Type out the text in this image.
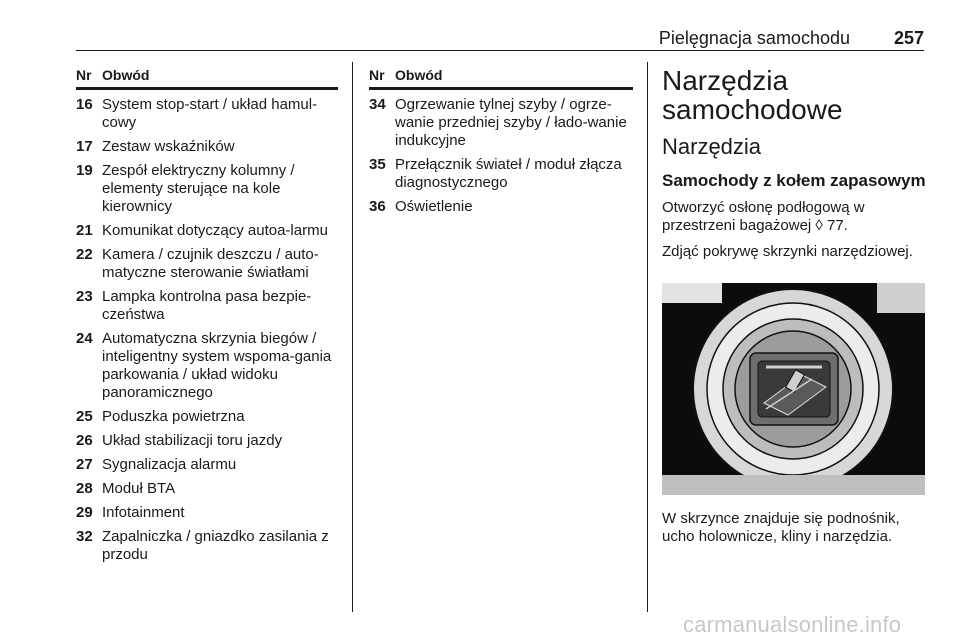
Pielęgnacja samochodu 257
Nr Obwód
16 System stop-start / układ hamul-cowy
17 Zestaw wskaźników
19 Zespół elektryczny kolumny / elementy sterujące na kole kierownicy
21 Komunikat dotyczący autoa-larmu
22 Kamera / czujnik deszczu / auto-matyczne sterowanie światłami
23 Lampka kontrolna pasa bezpie-czeństwa
24 Automatyczna skrzynia biegów / inteligentny system wspoma-gania parkowania / układ widoku panoramicznego
25 Poduszka powietrzna
26 Układ stabilizacji toru jazdy
27 Sygnalizacja alarmu
28 Moduł BTA
29 Infotainment
32 Zapalniczka / gniazdko zasilania z przodu
Nr Obwód
34 Ogrzewanie tylnej szyby / ogrze-wanie przedniej szyby / łado-wanie indukcyjne
35 Przełącznik świateł / moduł złącza diagnostycznego
36 Oświetlenie
Narzędzia
samochodowe
Narzędzia
Samochody z kołem zapasowym

Otworzyć osłonę podłogową w przestrzeni bagażowej ◊ 77.

Zdjąć pokrywę skrzynki narzędziowej.

W skrzynce znajduje się podnośnik, ucho holownicze, kliny i narzędzia.
carmanualsonline.info
